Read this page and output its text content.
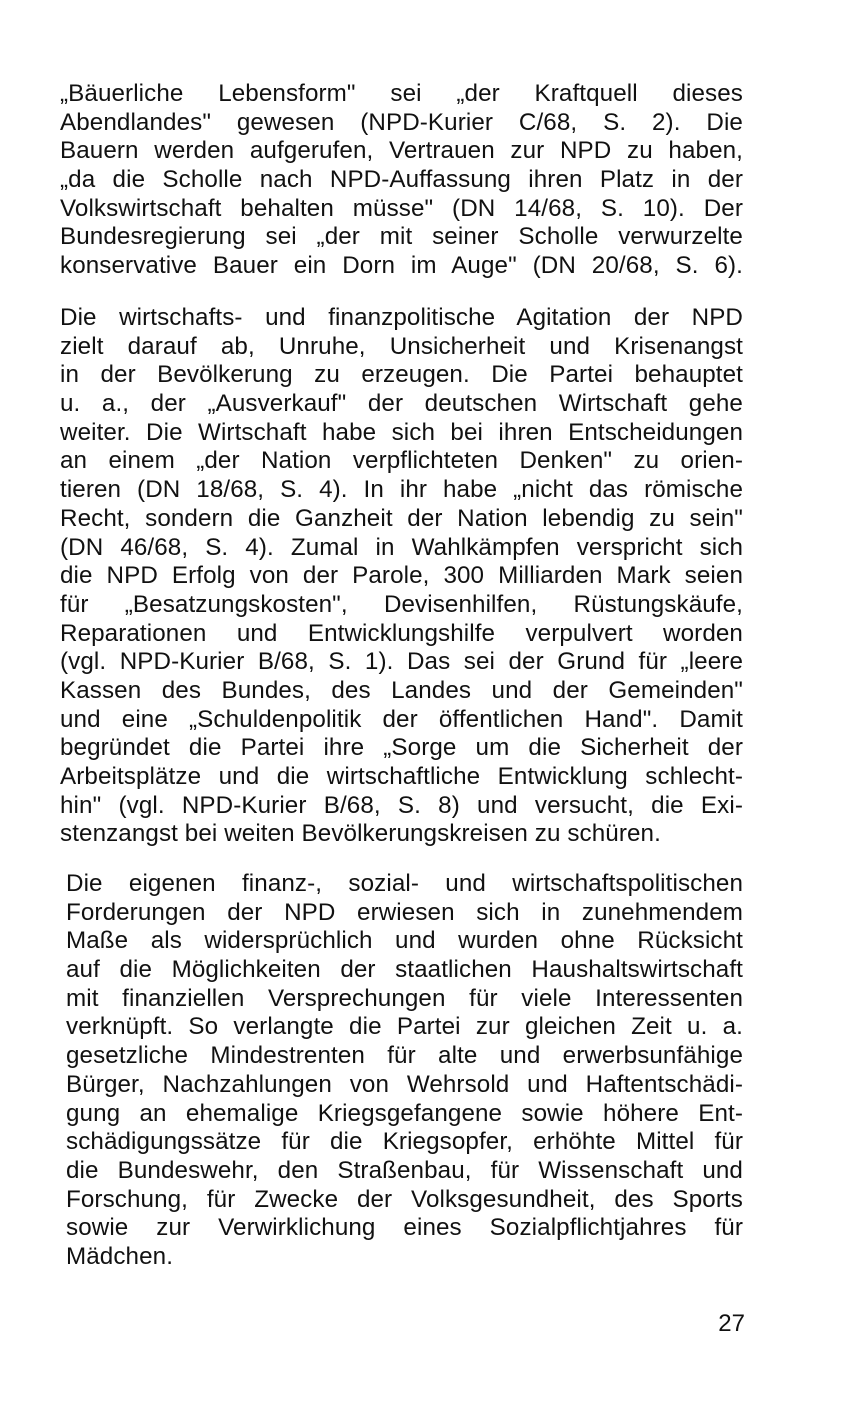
„Bäuerliche Lebensform" sei „der Kraftquell dieses
Abendlandes" gewesen (NPD-Kurier C/68, S. 2). Die
Bauern werden aufgerufen, Vertrauen zur NPD zu haben,
„da die Scholle nach NPD-Auffassung ihren Platz in der
Volkswirtschaft behalten müsse" (DN 14/68, S. 10). Der
Bundesregierung sei „der mit seiner Scholle verwurzelte
konservative Bauer ein Dorn im Auge" (DN 20/68, S. 6).

Die wirtschafts- und finanzpolitische Agitation der NPD
zielt darauf ab, Unruhe, Unsicherheit und Krisenangst
in der Bevölkerung zu erzeugen. Die Partei behauptet
u. a., der „Ausverkauf" der deutschen Wirtschaft gehe
weiter. Die Wirtschaft habe sich bei ihren Entscheidungen
an einem „der Nation verpflichteten Denken" zu orien-
tieren (DN 18/68, S. 4). In ihr habe „nicht das römische
Recht, sondern die Ganzheit der Nation lebendig zu sein"
(DN 46/68, S. 4). Zumal in Wahlkämpfen verspricht sich
die NPD Erfolg von der Parole, 300 Milliarden Mark seien
für „Besatzungskosten", Devisenhilfen, Rüstungskäufe,
Reparationen und Entwicklungshilfe verpulvert worden
(vgl. NPD-Kurier B/68, S. 1). Das sei der Grund für „leere
Kassen des Bundes, des Landes und der Gemeinden"
und eine „Schuldenpolitik der öffentlichen Hand". Damit
begründet die Partei ihre „Sorge um die Sicherheit der
Arbeitsplätze und die wirtschaftliche Entwicklung schlecht-
hin" (vgl. NPD-Kurier B/68, S. 8) und versucht, die Exi-
stenzangst bei weiten Bevölkerungskreisen zu schüren.

Die eigenen finanz-, sozial- und wirtschaftspolitischen
Forderungen der NPD erwiesen sich in zunehmendem
Maße als widersprüchlich und wurden ohne Rücksicht
auf die Möglichkeiten der staatlichen Haushaltswirtschaft
mit finanziellen Versprechungen für viele Interessenten
verknüpft. So verlangte die Partei zur gleichen Zeit u. a.
gesetzliche Mindestrenten für alte und erwerbsunfähige
Bürger, Nachzahlungen von Wehrsold und Haftentschädi-
gung an ehemalige Kriegsgefangene sowie höhere Ent-
schädigungssätze für die Kriegsopfer, erhöhte Mittel für
die Bundeswehr, den Straßenbau, für Wissenschaft und
Forschung, für Zwecke der Volksgesundheit, des Sports
sowie zur Verwirklichung eines Sozialpflichtjahres für
Mädchen.

27
